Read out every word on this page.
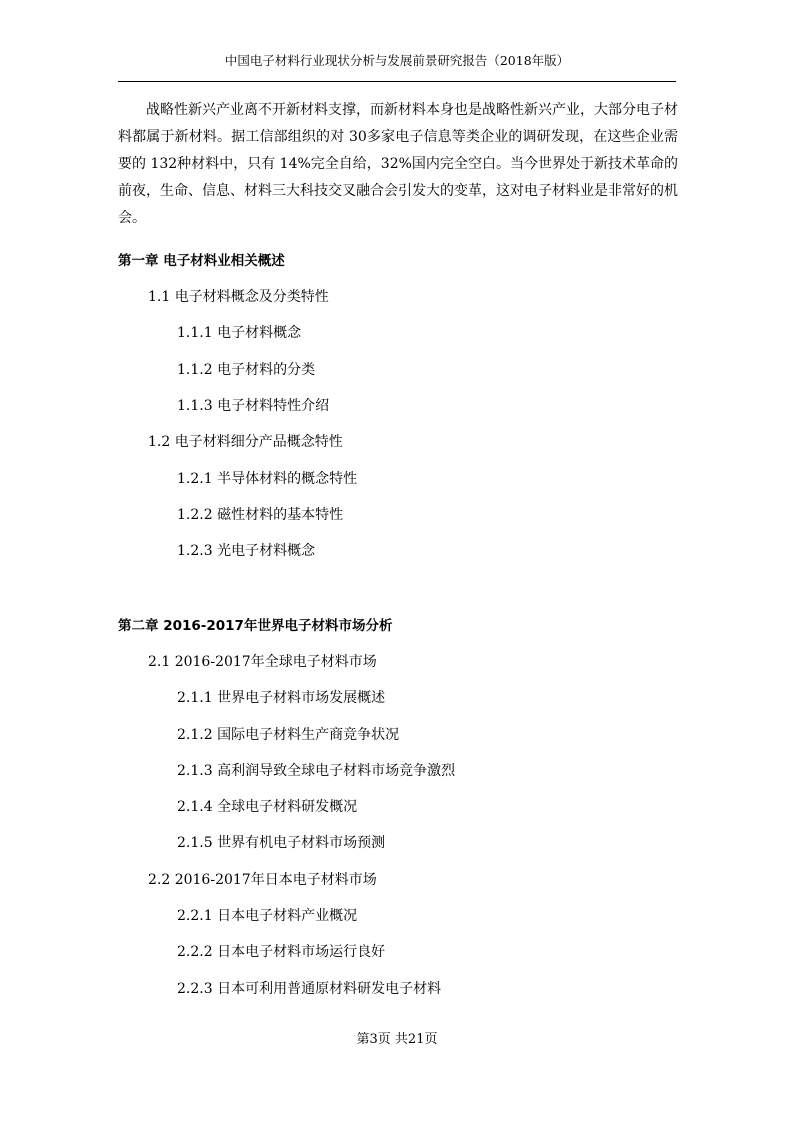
中国电子材料行业现状分析与发展前景研究报告（2018年版）

战略性新兴产业离不开新材料支撑，而新材料本身也是战略性新兴产业，大部分电子材料都属于新材料。据工信部组织的对 30多家电子信息等类企业的调研发现，在这些企业需要的 132种材料中，只有 14%完全自给，32%国内完全空白。当今世界处于新技术革命的前夜，生命、信息、材料三大科技交叉融合会引发大的变革，这对电子材料业是非常好的机会。

第一章 电子材料业相关概述
1.1 电子材料概念及分类特性
1.1.1 电子材料概念
1.1.2 电子材料的分类
1.1.3 电子材料特性介绍
1.2 电子材料细分产品概念特性
1.2.1 半导体材料的概念特性
1.2.2 磁性材料的基本特性
1.2.3 光电子材料概念
第二章 2016-2017年世界电子材料市场分析
2.1 2016-2017年全球电子材料市场
2.1.1 世界电子材料市场发展概述
2.1.2 国际电子材料生产商竞争状况
2.1.3 高利润导致全球电子材料市场竞争激烈
2.1.4 全球电子材料研发概况
2.1.5 世界有机电子材料市场预测
2.2 2016-2017年日本电子材料市场
2.2.1 日本电子材料产业概况
2.2.2 日本电子材料市场运行良好
2.2.3 日本可利用普通原材料研发电子材料
第3页 共21页
